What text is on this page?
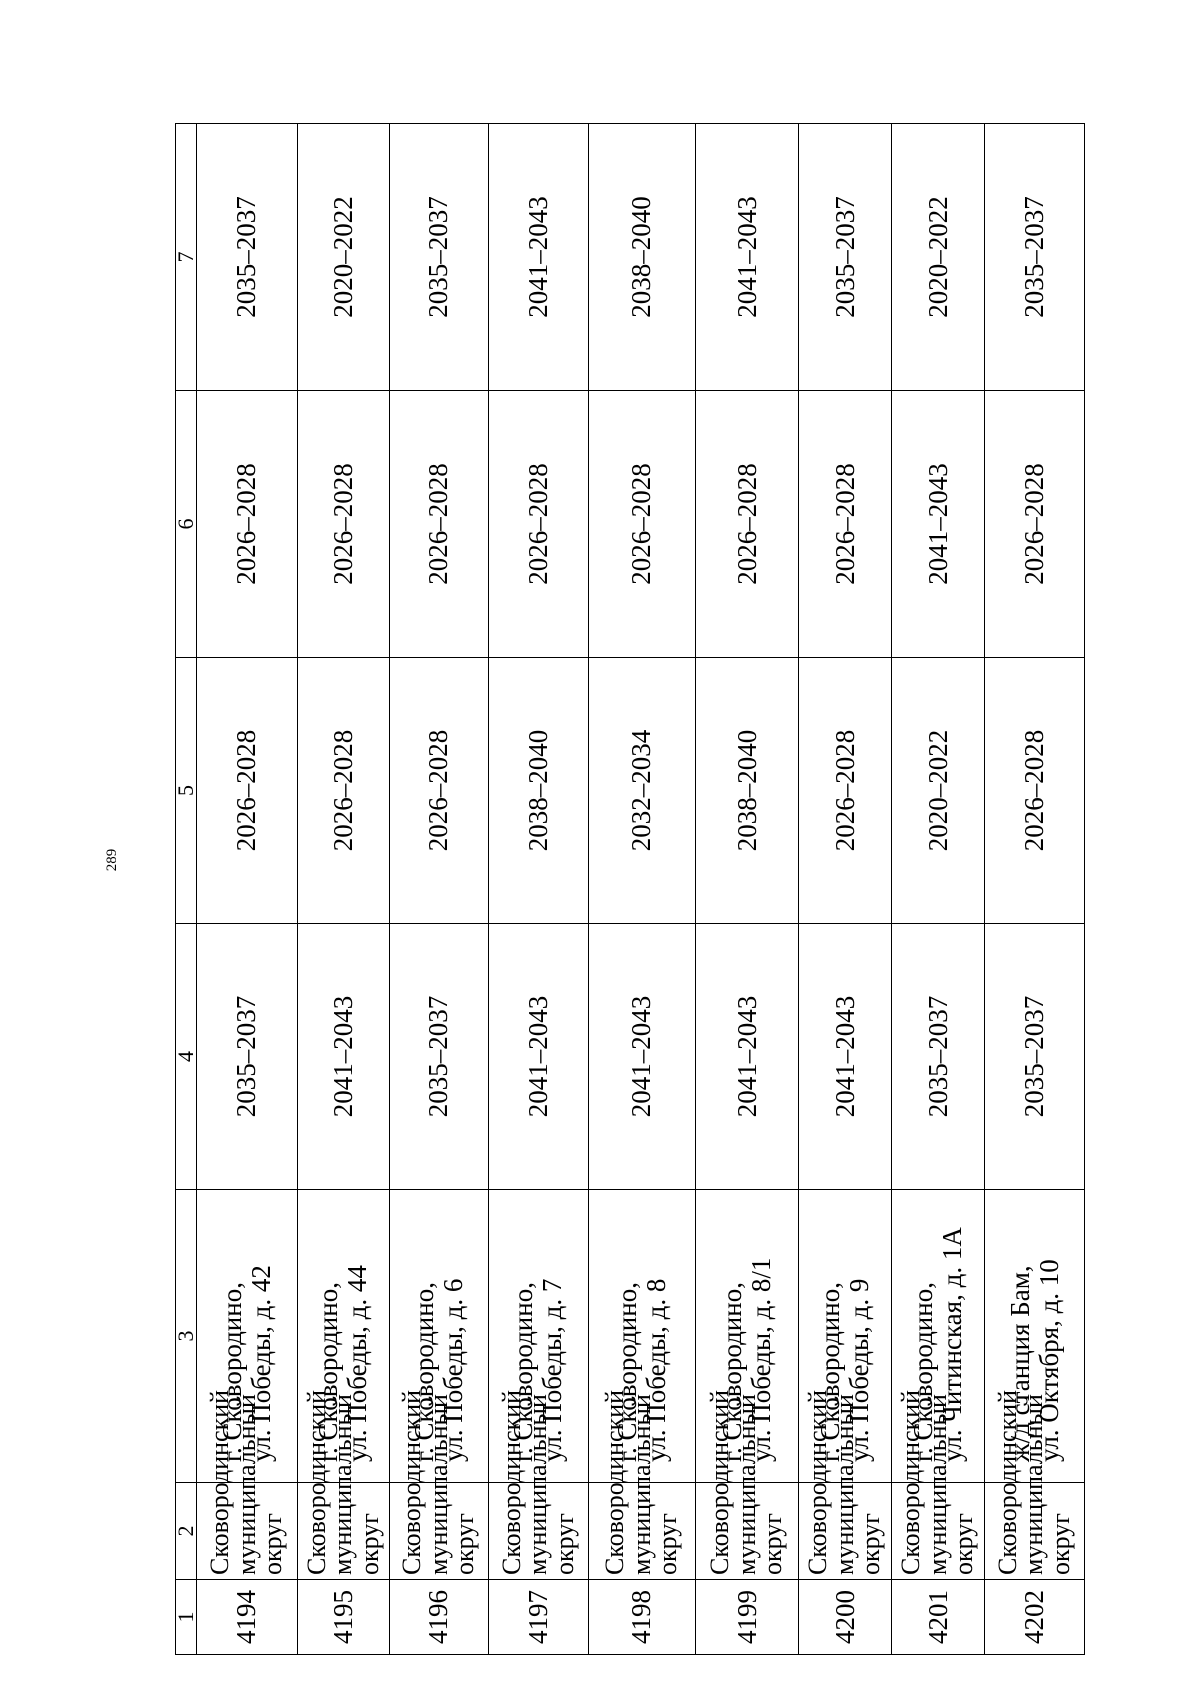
289
1	2	3	4	5	6	7
4194	Сковородинский
муниципальный
округ	г. Сковородино, ул. Победы, д. 42	2035–2037	2026–2028	2026–2028	2035–2037
4195	Сковородинский
муниципальный
округ	г. Сковородино, ул. Победы, д. 44	2041–2043	2026–2028	2026–2028	2020–2022
4196	Сковородинский
муниципальный
округ	г. Сковородино, ул. Победы, д. 6	2035–2037	2026–2028	2026–2028	2035–2037
4197	Сковородинский
муниципальный
округ	г. Сковородино, ул. Победы, д. 7	2041–2043	2038–2040	2026–2028	2041–2043
4198	Сковородинский
муниципальный
округ	г. Сковородино, ул. Победы, д. 8	2041–2043	2032–2034	2026–2028	2038–2040
4199	Сковородинский
муниципальный
округ	г. Сковородино, ул. Победы, д. 8/1	2041–2043	2038–2040	2026–2028	2041–2043
4200	Сковородинский
муниципальный
округ	г. Сковородино, ул. Победы, д. 9	2041–2043	2026–2028	2026–2028	2035–2037
4201	Сковородинский
муниципальный
округ	г. Сковородино, ул. Читинская, д. 1А	2035–2037	2020–2022	2041–2043	2020–2022
4202	Сковородинский
муниципальный
округ	ж/д станция Бам, ул. Октября, д. 10	2035–2037	2026–2028	2026–2028	2035–2037
